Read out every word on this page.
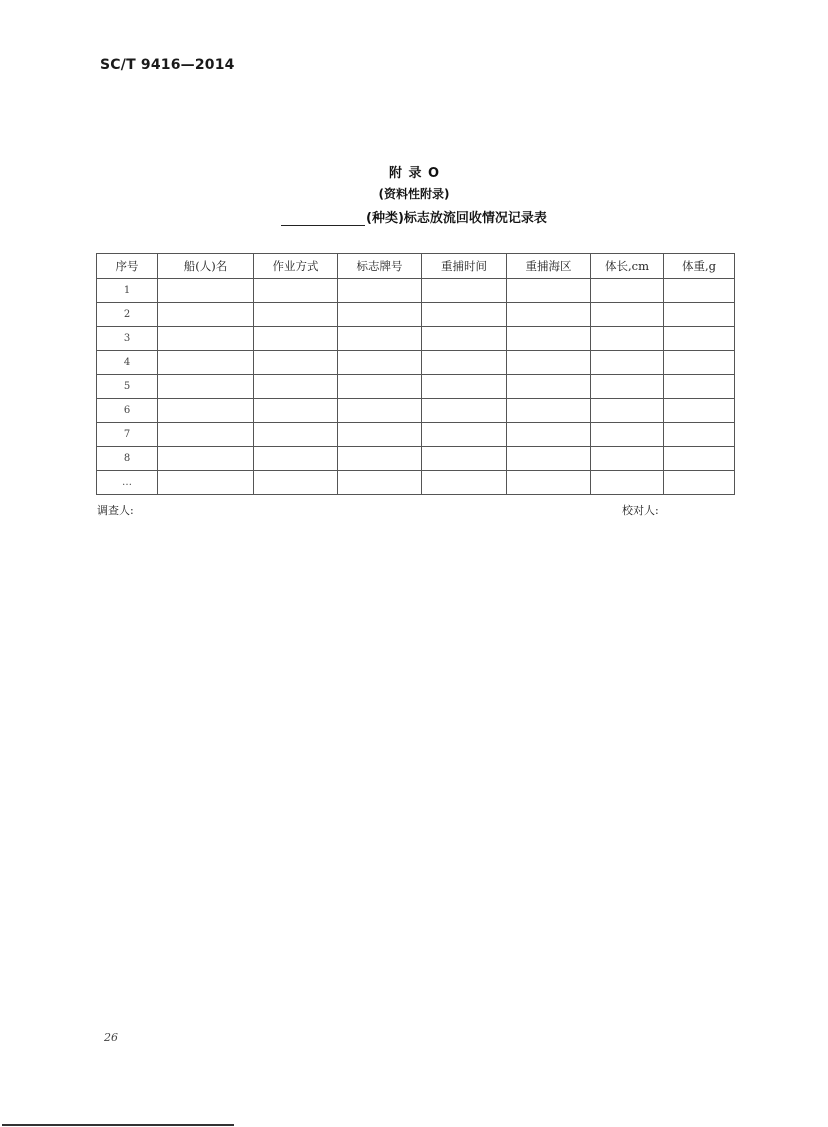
SC/T 9416—2014
附 录 O
(资料性附录)
(种类)标志放流回收情况记录表
序号	船(人)名	作业方式	标志牌号	重捕时间	重捕海区	体长,cm	体重,g
1							
2							
3							
4							
5							
6							
7							
8							
…							
调查人:	校对人:
26
